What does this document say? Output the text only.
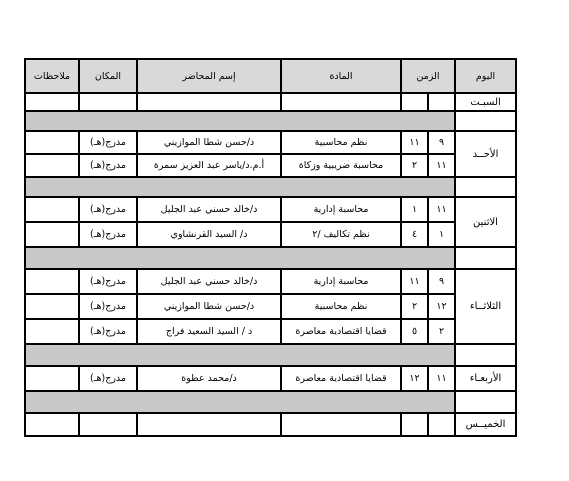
اليوم
الزمن
المادة
إسم المحاضر
المكان
ملاحظات
السبـت
الأحــد
٩
١١
نظم محاسبية
د/حسن شطا الموازيني
مدرج(هـ)
١١
٢
محاسبة ضريبية وزكاة
أ.م.د/ياسر عبد العزيز سمرة
مدرج(هـ)
الاثنين
١١
١
محاسبة إدارية
د/خالد حسني عبد الجليل
مدرج(هـ)
١
٤
نظم تكاليف /٢
د/ السيد القرنشاوي
مدرج(هـ)
الثلاثــاء
٩
١١
محاسبة إدارية
د/خالد حسني عبد الجليل
مدرج(هـ)
١٢
٢
نظم محاسبية
د/حسن شطا الموازيني
مدرج(هـ)
٢
٥
قضايا اقتصادية معاصرة
د / السيد السعيد فراج
مدرج(هـ)
الأربعـاء
١١
١٢
قضايا اقتصادية معاصرة
د/محمد عطوة
مدرج(هـ)
الخميــس
